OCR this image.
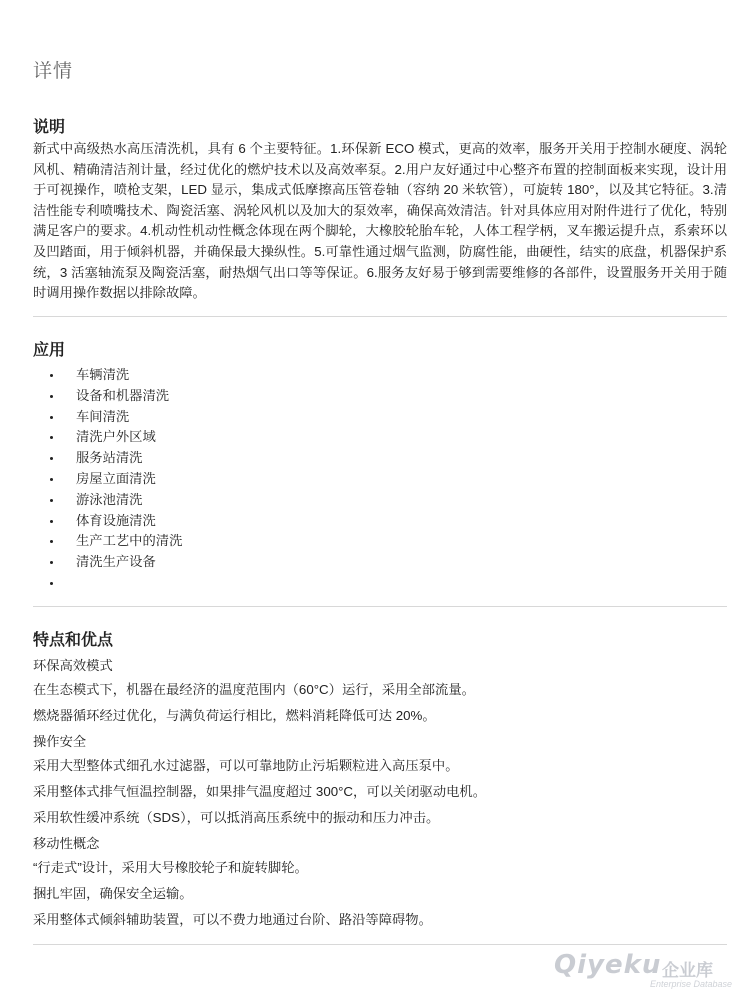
详情
说明

新式中高级热水高压清洗机，具有 6 个主要特征。1.环保新 ECO 模式，更高的效率，服务开关用于控制水硬度、涡轮风机、精确清洁剂计量，经过优化的燃炉技术以及高效率泵。2.用户友好通过中心整齐布置的控制面板来实现，设计用于可视操作，喷枪支架，LED 显示，集成式低摩擦高压管卷轴（容纳 20 米软管），可旋转 180°，以及其它特征。3.清洁性能专利喷嘴技术、陶瓷活塞、涡轮风机以及加大的泵效率，确保高效清洁。针对具体应用对附件进行了优化，特别满足客户的要求。4.机动性机动性概念体现在两个脚轮，大橡胶轮胎车轮，人体工程学柄，叉车搬运提升点，系索环以及凹踏面，用于倾斜机器，并确保最大操纵性。5.可靠性通过烟气监测，防腐性能，曲硬性，结实的底盘，机器保护系统，3 活塞轴流泵及陶瓷活塞，耐热烟气出口等等保证。6.服务友好易于够到需要维修的各部件，设置服务开关用于随时调用操作数据以排除故障。

应用
车辆清洗
设备和机器清洗
车间清洗
清洗户外区域
服务站清洗
房屋立面清洗
游泳池清洗
体育设施清洗
生产工艺中的清洗
清洗生产设备
特点和优点

环保高效模式

在生态模式下，机器在最经济的温度范围内（60°C）运行，采用全部流量。

燃烧器循环经过优化，与满负荷运行相比，燃料消耗降低可达 20%。

操作安全

采用大型整体式细孔水过滤器，可以可靠地防止污垢颗粒进入高压泵中。

采用整体式排气恒温控制器，如果排气温度超过 300°C，可以关闭驱动电机。

采用软性缓冲系统（SDS），可以抵消高压系统中的振动和压力冲击。

移动性概念

“行走式”设计，采用大号橡胶轮子和旋转脚轮。

捆扎牢固，确保安全运输。

采用整体式倾斜辅助装置，可以不费力地通过台阶、路沿等障碍物。

Qiyeku 企业库
Enterprise Database
